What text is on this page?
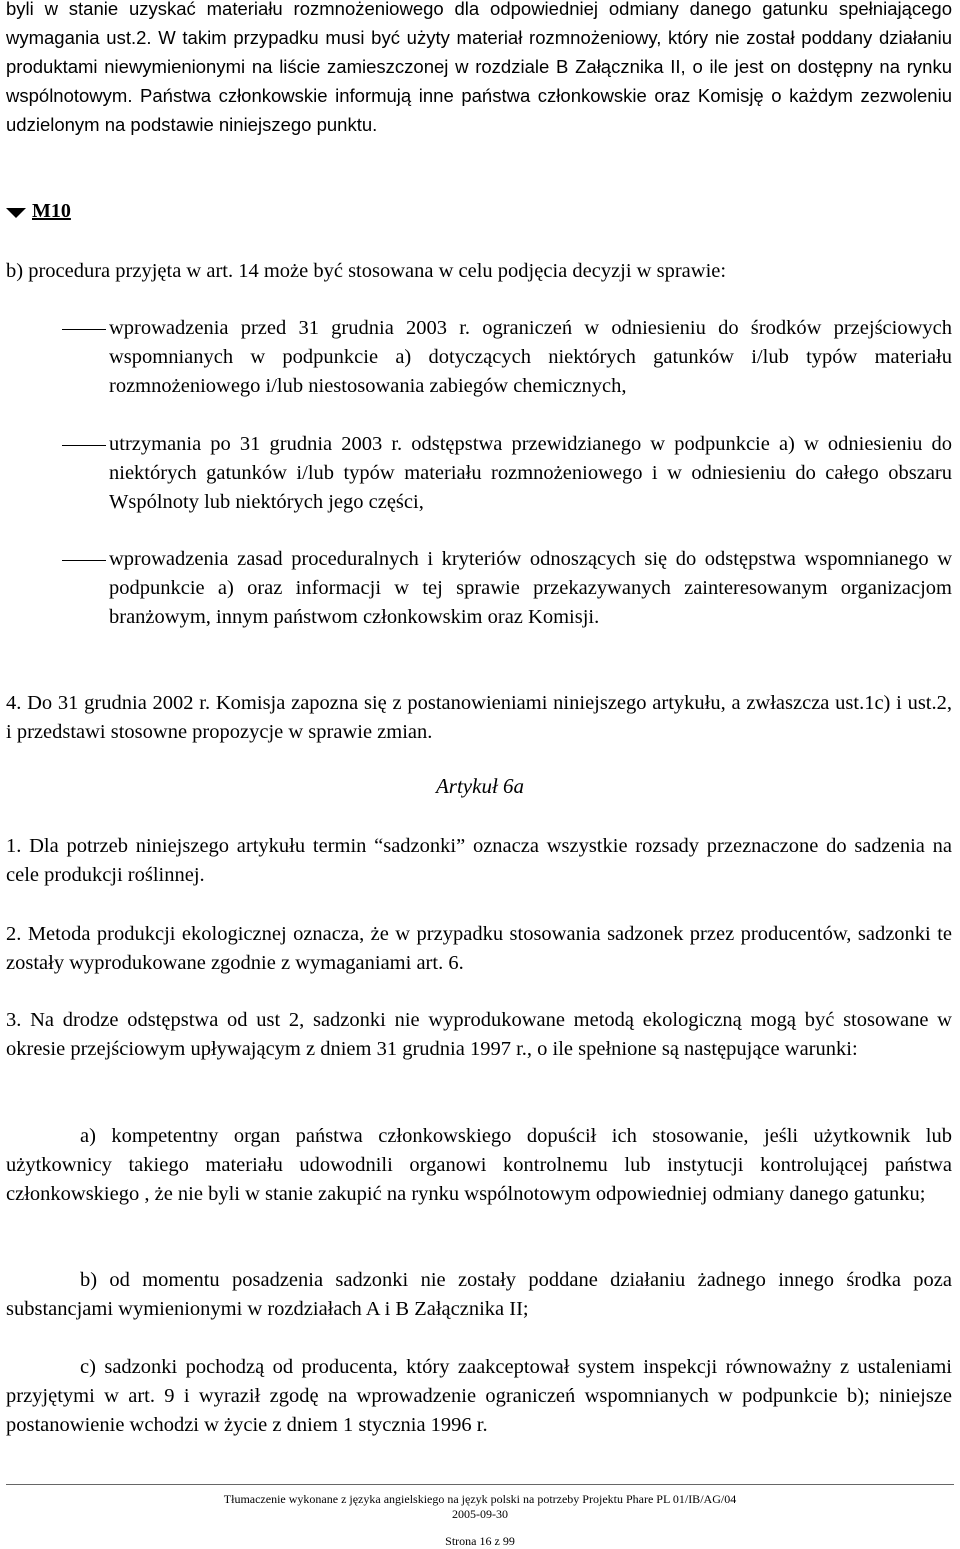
byli w stanie uzyskać materiału rozmnożeniowego dla odpowiedniej odmiany danego gatunku spełniającego wymagania ust.2. W takim przypadku musi być użyty materiał rozmnożeniowy, który nie został poddany działaniu produktami niewymienionymi na liście zamieszczonej w rozdziale B Załącznika II, o ile jest on dostępny na rynku wspólnotowym. Państwa członkowskie informują inne państwa członkowskie oraz Komisję o każdym zezwoleniu udzielonym na podstawie niniejszego punktu.

M10

b) procedura przyjęta w art. 14 może być stosowana w celu podjęcia decyzji w sprawie:

wprowadzenia przed 31 grudnia 2003 r. ograniczeń w odniesieniu do środków przejściowych wspomnianych w podpunkcie a) dotyczących niektórych gatunków i/lub typów materiału rozmnożeniowego i/lub niestosowania zabiegów chemicznych,

utrzymania po 31 grudnia 2003 r. odstępstwa przewidzianego w podpunkcie a) w odniesieniu do niektórych gatunków i/lub typów materiału rozmnożeniowego i w odniesieniu do całego obszaru Wspólnoty lub niektórych jego części,

wprowadzenia zasad proceduralnych i kryteriów odnoszących się do odstępstwa wspomnianego w podpunkcie a) oraz informacji w tej sprawie przekazywanych zainteresowanym organizacjom branżowym, innym państwom członkowskim oraz Komisji.

4. Do 31 grudnia 2002 r. Komisja zapozna się z postanowieniami niniejszego artykułu, a zwłaszcza ust.1c) i ust.2, i przedstawi stosowne propozycje w sprawie zmian.

Artykuł 6a

1. Dla potrzeb niniejszego artykułu termin “sadzonki” oznacza wszystkie rozsady przeznaczone do sadzenia na cele produkcji roślinnej.

2. Metoda produkcji ekologicznej oznacza, że w przypadku stosowania sadzonek przez producentów, sadzonki te zostały wyprodukowane zgodnie z wymaganiami art. 6.

3. Na drodze odstępstwa od ust 2, sadzonki nie wyprodukowane metodą ekologiczną mogą być stosowane w okresie przejściowym upływającym z dniem 31 grudnia 1997 r., o ile spełnione są następujące warunki:

a) kompetentny organ państwa członkowskiego dopuścił ich stosowanie, jeśli użytkownik lub użytkownicy takiego materiału udowodnili organowi kontrolnemu lub instytucji kontrolującej państwa członkowskiego , że nie byli w stanie zakupić na rynku wspólnotowym odpowiedniej odmiany danego gatunku;

b) od momentu posadzenia sadzonki nie zostały poddane działaniu żadnego innego środka poza substancjami wymienionymi w rozdziałach A i B Załącznika II;

c) sadzonki pochodzą od producenta, który zaakceptował system inspekcji równoważny z ustaleniami przyjętymi w art. 9 i wyraził zgodę na wprowadzenie ograniczeń wspomnianych w podpunkcie b); niniejsze postanowienie wchodzi w życie z dniem 1 stycznia 1996 r.

Tłumaczenie wykonane z języka angielskiego na język polski na potrzeby Projektu Phare PL 01/IB/AG/04
2005-09-30
Strona 16 z 99
